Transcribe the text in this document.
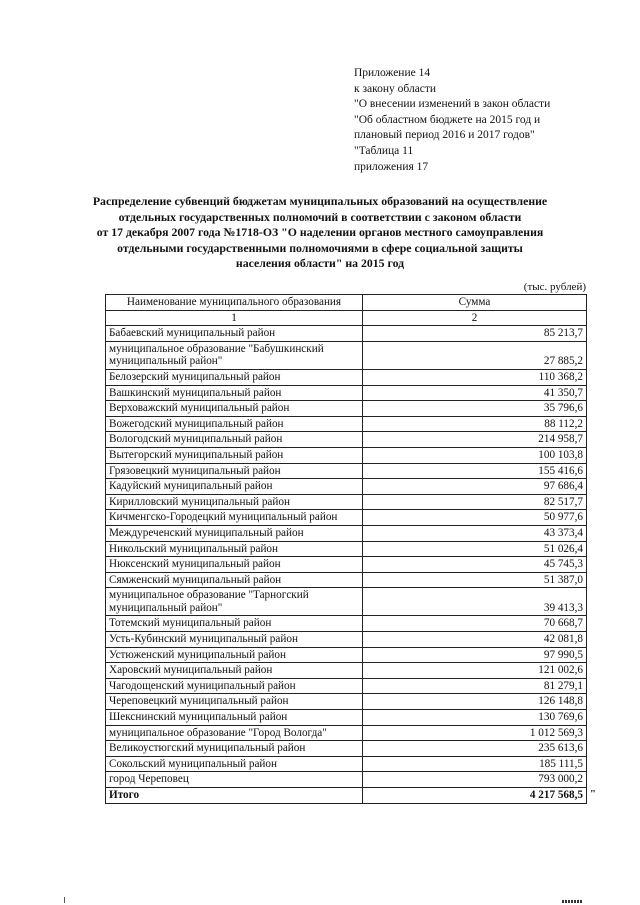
Приложение 14
к закону области
"О внесении изменений в закон области
"Об областном бюджете на 2015 год и
плановый период 2016 и 2017 годов"
"Таблица 11
приложения 17
Распределение субвенций бюджетам муниципальных образований на осуществление
отдельных государственных полномочий в соответствии с законом области
от 17 декабря 2007 года №1718-ОЗ "О наделении органов местного самоуправления
отдельными государственными полномочиями в сфере социальной защиты
населения области" на 2015 год
(тыс. рублей)
Наименование муниципального образования	Сумма
1	2
Бабаевский муниципальный район	85 213,7
муниципальное образование "Бабушкинский муниципальный район"	27 885,2
Белозерский муниципальный район	110 368,2
Вашкинский муниципальный район	41 350,7
Верховажский муниципальный район	35 796,6
Вожегодский муниципальный район	88 112,2
Вологодский муниципальный район	214 958,7
Вытегорский муниципальный район	100 103,8
Грязовецкий муниципальный район	155 416,6
Кадуйский муниципальный район	97 686,4
Кирилловский муниципальный район	82 517,7
Кичменгско-Городецкий муниципальный район	50 977,6
Междуреченский муниципальный район	43 373,4
Никольский муниципальный район	51 026,4
Нюксенский муниципальный район	45 745,3
Сямженский муниципальный район	51 387,0
муниципальное образование "Тарногский муниципальный район"	39 413,3
Тотемский муниципальный район	70 668,7
Усть-Кубинский муниципальный район	42 081,8
Устюженский муниципальный район	97 990,5
Харовский муниципальный район	121 002,6
Чагодощенский муниципальный район	81 279,1
Череповецкий муниципальный район	126 148,8
Шекснинский муниципальный район	130 769,6
муниципальное образование "Город Вологда"	1 012 569,3
Великоустюгский муниципальный район	235 613,6
Сокольский муниципальный район	185 111,5
город Череповец	793 000,2
Итого	4 217 568,5 "
